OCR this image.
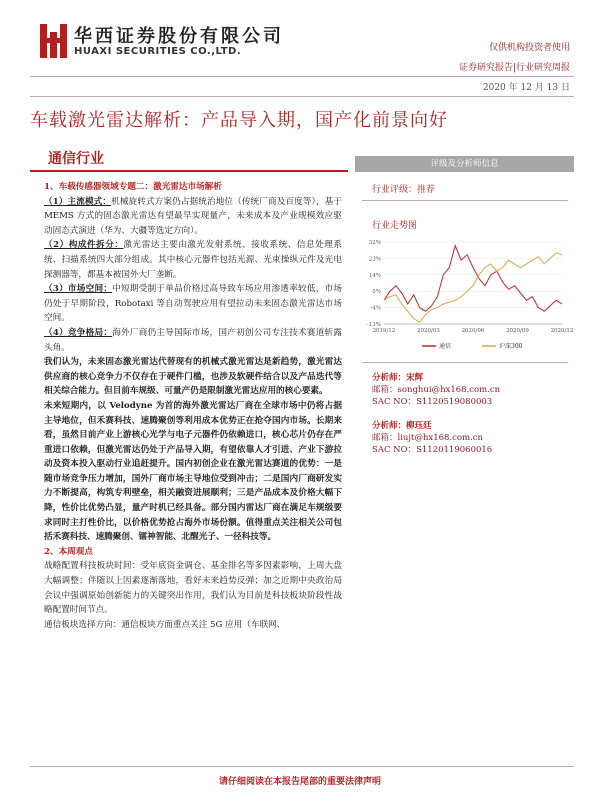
华西证券股份有限公司
HUAXI SECURITIES CO.,LTD.	仅供机构投资者使用
证券研究报告|行业研究周报
2020 年 12 月 13 日
车载激光雷达解析：产品导入期，国产化前景向好
通信行业

1、车载传感器领域专题二：激光雷达市场解析

（1）主流模式：机械旋转式方案仍占据统治地位（传统厂商及百度等），基于 MEMS 方式的固态激光雷达有望最早实现量产，未来成本及产业规模效应驱动固态式演进（华为、大疆等选定方向）。

（2）构成件拆分：激光雷达主要由激光发射系统、接收系统、信息处理系统、扫描系统四大部分组成。其中核心元器件包括光源、光束操纵元件及光电探测器等，都基本被国外大厂垄断。

（3）市场空间：中短期受制于单品价格过高导致车场应用渗透率较低，市场仍处于早期阶段，Robotaxi 等自动驾驶应用有望拉动未来固态激光雷达市场空间。

（4）竞争格局：海外厂商仍主导国际市场，国产初创公司专注技术赛道斩露头角。

我们认为，未来固态激光雷达代替现有的机械式激光雷达是新趋势，激光雷达供应商的核心竞争力不仅存在于硬件门槛，也涉及软硬件结合以及产品迭代等相关综合能力。但目前车规级、可量产仍是限制激光雷达应用的核心要素。

未来短期内，以 Velodyne 为首的海外激光雷达厂商在全球市场中仍将占据主导地位，但禾赛科技、速腾聚创等利用成本优势正在抢夺国内市场。长期来看，虽然目前产业上游核心光学与电子元器件仍依赖进口，核心芯片仍存在严重进口依赖，但激光雷达仍处于产品导入期，有望依靠人才引进、产业下游拉动及资本投入驱动行业追赶提升。国内初创企业在激光雷达赛道的优势：一是随市场竞争压力增加，国外厂商市场主导地位受到冲击；二是国内厂商研发实力不断提高，构筑专利壁垒，相关融资进展顺利；三是产品成本及价格大幅下降，性价比优势凸显，量产时机已经具备。部分国内雷达厂商在满足车规级要求同时主打性价比，以价格优势抢占海外市场份额。值得重点关注相关公司包括禾赛科技、速腾聚创、镭神智能、北醒光子、一径科技等。

2、本周观点

战略配置科技板块时间：受年底资金调仓、基金排名等多因素影响，上周大盘大幅调整；伴随以上因素逐渐落地，看好未来趋势反弹；加之近期中央政治局会议中强调原始创新能力的关键突出作用，我们认为目前是科技板块阶段性战略配置时间节点。

通信板块选择方向：通信板块方面重点关注 5G 应用（车联网、

评级及分析师信息
行业评级：推荐
行业走势图
32%
23%
14%
5%
-4%
-13%
2019/12	2020/03	2020/06	2020/09	2020/12
通信	沪深300
分析师：宋辉
邮箱：songhui@hx168.com.cn
SAC NO：S1120519080003
分析师：柳珏廷
邮箱：liujt@hx168.com.cn
SAC NO：S1120119060016
请仔细阅读在本报告尾部的重要法律声明
